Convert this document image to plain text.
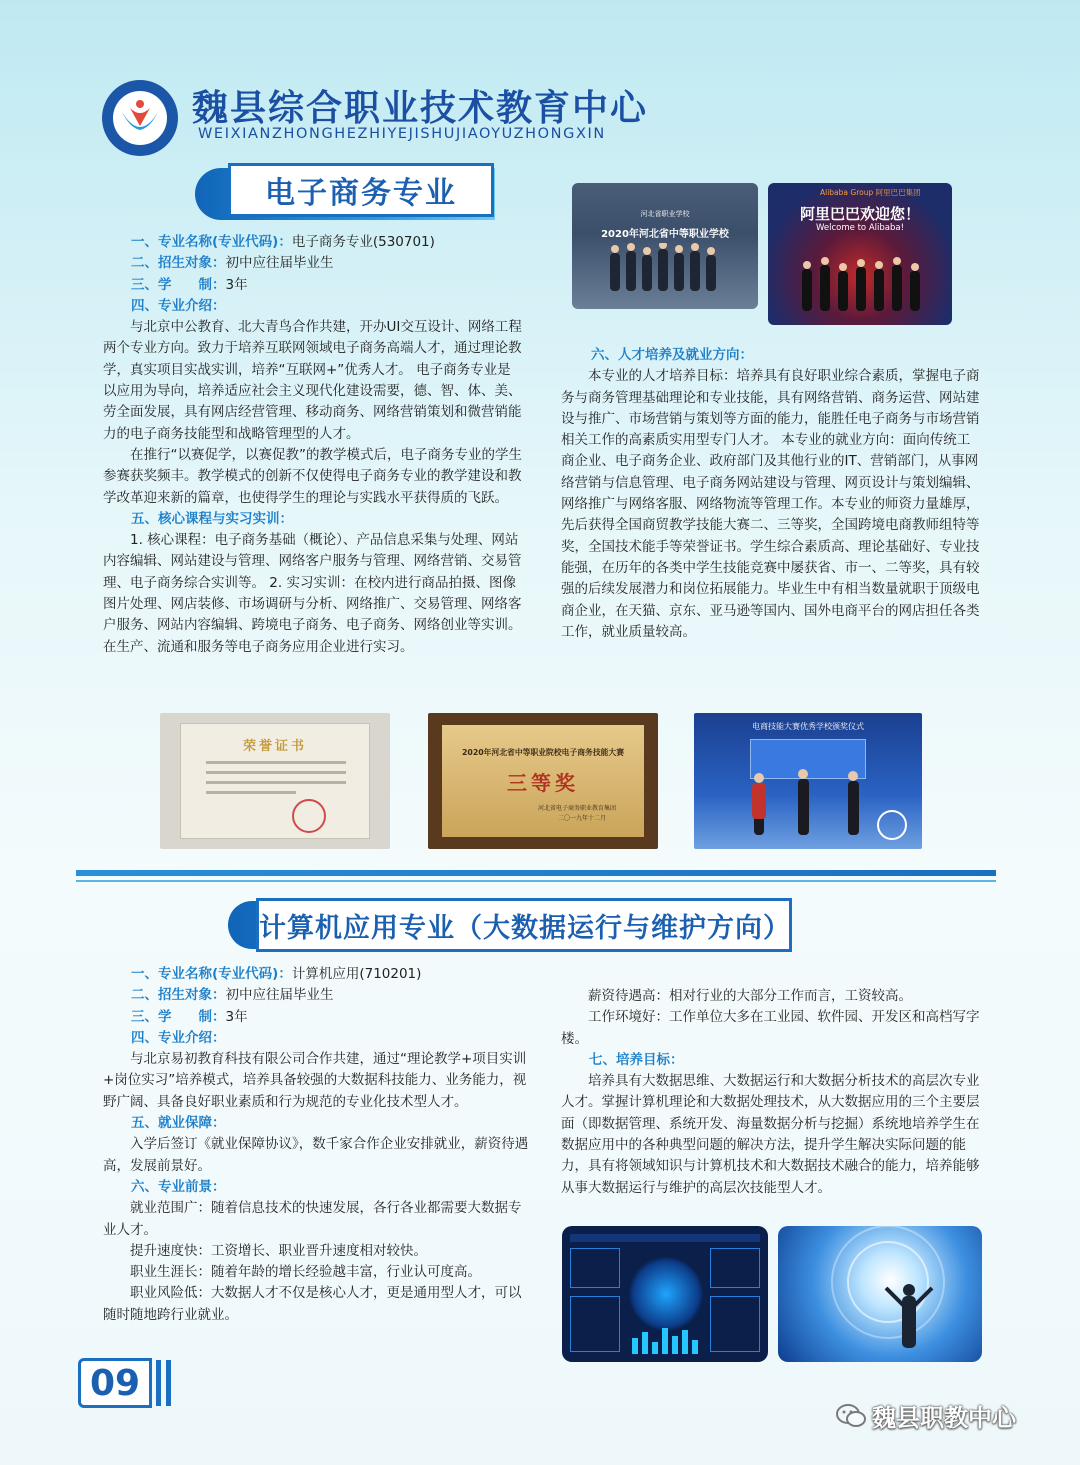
魏县综合职业技术教育中心
WEIXIANZHONGHEZHIYEJISHUJIAOYUZHONGXIN
电子商务专业
一、专业名称(专业代码)：电子商务专业(530701)
二、招生对象：初中应往届毕业生
三、学　　制：3年
四、专业介绍：

与北京中公教育、北大青鸟合作共建，开办UI交互设计、网络工程两个专业方向。致力于培养互联网领域电子商务高端人才，通过理论教学，真实项目实战实训，培养“互联网+”优秀人才。 电子商务专业是以应用为导向，培养适应社会主义现代化建设需要，德、智、体、美、劳全面发展，具有网店经营管理、移动商务、网络营销策划和微营销能力的电子商务技能型和战略管理型的人才。

在推行“以赛促学，以赛促教”的教学模式后，电子商务专业的学生参赛获奖频丰。教学模式的创新不仅使得电子商务专业的教学建设和教学改革迎来新的篇章，也使得学生的理论与实践水平获得质的飞跃。

五、核心课程与实习实训：

1. 核心课程：电子商务基础（概论）、产品信息采集与处理、网站内容编辑、网站建设与管理、网络客户服务与管理、网络营销、交易管理、电子商务综合实训等。 2. 实习实训：在校内进行商品拍摄、图像图片处理、网店装修、市场调研与分析、网络推广、交易管理、网络客户服务、网站内容编辑、跨境电子商务、电子商务、网络创业等实训。在生产、流通和服务等电子商务应用企业进行实习。

河北省职业学校
2020年河北省中等职业学校
Alibaba Group 阿里巴巴集团
阿里巴巴欢迎您！
Welcome to Alibaba!
六、人才培养及就业方向：

本专业的人才培养目标：培养具有良好职业综合素质，掌握电子商务与商务管理基础理论和专业技能，具有网络营销、商务运营、网站建设与推广、市场营销与策划等方面的能力，能胜任电子商务与市场营销相关工作的高素质实用型专门人才。 本专业的就业方向：面向传统工商企业、电子商务企业、政府部门及其他行业的IT、营销部门，从事网络营销与信息管理、电子商务网站建设与管理、网页设计与策划编辑、网络推广与网络客服、网络物流等管理工作。本专业的师资力量雄厚，先后获得全国商贸教学技能大赛二、三等奖，全国跨境电商教师组特等奖，全国技术能手等荣誉证书。学生综合素质高、理论基础好、专业技能强，在历年的各类中学生技能竞赛中屡获省、市一、二等奖，具有较强的后续发展潜力和岗位拓展能力。毕业生中有相当数量就职于顶级电商企业，在天猫、京东、亚马逊等国内、国外电商平台的网店担任各类工作，就业质量较高。

荣誉证书	2020年河北省中等职业院校电子商务技能大赛
三等奖
河北省电子商务职业教育集团
二〇一九年十二月
电商技能大赛优秀学校颁奖仪式
计算机应用专业（大数据运行与维护方向）
一、专业名称(专业代码)：计算机应用(710201)
二、招生对象：初中应往届毕业生
三、学　　制：3年
四、专业介绍：

与北京易初教育科技有限公司合作共建，通过“理论教学+项目实训+岗位实习”培养模式，培养具备较强的大数据科技能力、业务能力，视野广阔、具备良好职业素质和行为规范的专业化技术型人才。

五、就业保障：

入学后签订《就业保障协议》，数千家合作企业安排就业，薪资待遇高，发展前景好。

六、专业前景：

就业范围广：随着信息技术的快速发展，各行各业都需要大数据专业人才。

提升速度快：工资增长、职业晋升速度相对较快。

职业生涯长：随着年龄的增长经验越丰富，行业认可度高。

职业风险低：大数据人才不仅是核心人才，更是通用型人才，可以随时随地跨行业就业。

薪资待遇高：相对行业的大部分工作而言，工资较高。

工作环境好：工作单位大多在工业园、软件园、开发区和高档写字楼。

七、培养目标：

培养具有大数据思维、大数据运行和大数据分析技术的高层次专业人才。掌握计算机理论和大数据处理技术，从大数据应用的三个主要层面（即数据管理、系统开发、海量数据分析与挖掘）系统地培养学生在数据应用中的各种典型问题的解决方法，提升学生解决实际问题的能力，具有将领域知识与计算机技术和大数据技术融合的能力，培养能够从事大数据运行与维护的高层次技能型人才。

09
魏县职教中心
